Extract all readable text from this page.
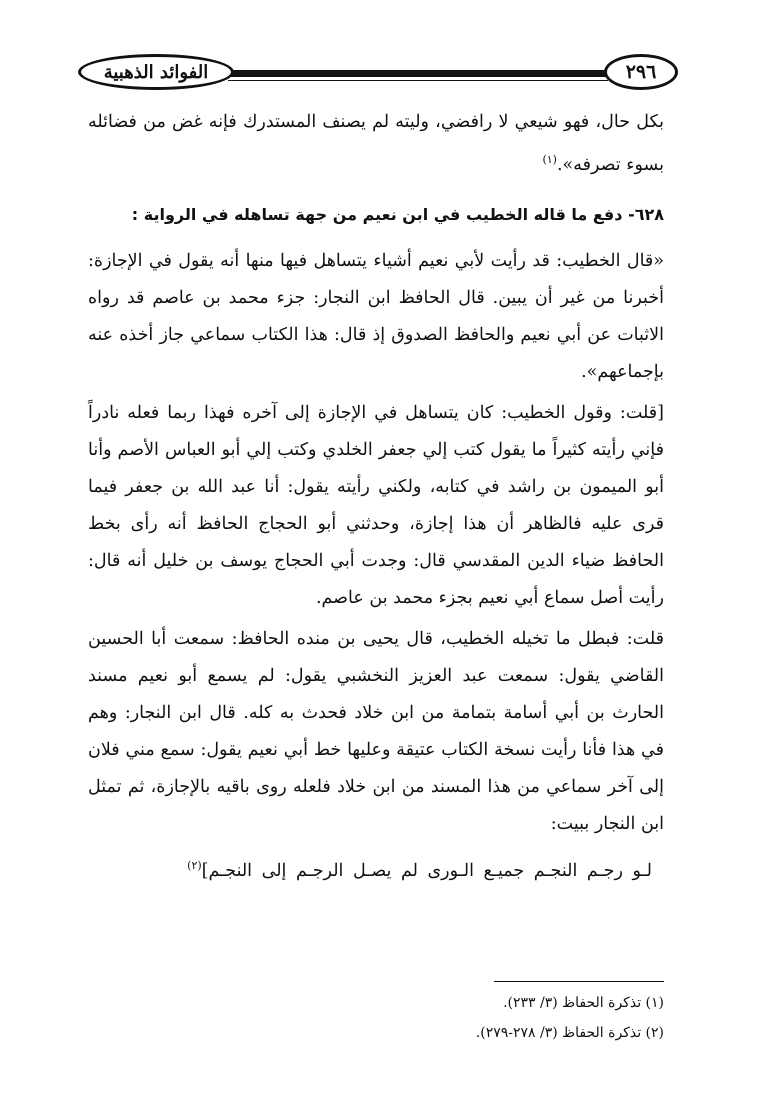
الفوائد الذهبية	٢٩٦

بكل حال، فهو شيعي لا رافضي، وليته لم يصنف المستدرك فإنه غض من فضائله بسوء تصرفه».$^{(١)}$

٦٢٨- دفع ما قاله الخطيب في ابن نعيم من جهة تساهله في الرواية :

«قال الخطيب: قد رأيت لأبي نعيم أشياء يتساهل فيها منها أنه يقول في الإجازة: أخبرنا من غير أن يبين. قال الحافظ ابن النجار: جزء محمد بن عاصم قد رواه الاثبات عن أبي نعيم والحافظ الصدوق إذ قال: هذا الكتاب سماعي جاز أخذه عنه بإجماعهم».

[قلت: وقول الخطيب: كان يتساهل في الإجازة إلى آخره فهذا ربما فعله نادراً فإني رأيته كثيراً ما يقول كتب إلي جعفر الخلدي وكتب إلي أبو العباس الأصم وأنا أبو الميمون بن راشد في كتابه، ولكني رأيته يقول: أنا عبد الله بن جعفر فيما قرى عليه فالظاهر أن هذا إجازة، وحدثني أبو الحجاج الحافظ أنه رأى بخط الحافظ ضياء الدين المقدسي قال: وجدت أبي الحجاج يوسف بن خليل أنه قال: رأيت أصل سماع أبي نعيم بجزء محمد بن عاصم.

قلت: فبطل ما تخيله الخطيب، قال يحيى بن منده الحافظ: سمعت أبا الحسين القاضي يقول: سمعت عبد العزيز النخشبي يقول: لم يسمع أبو نعيم مسند الحارث بن أبي أسامة بتمامة من ابن خلاد فحدث به كله. قال ابن النجار: وهم في هذا فأنا رأيت نسخة الكتاب عتيقة وعليها خط أبي نعيم يقول: سمع مني فلان إلى آخر سماعي من هذا المسند من ابن خلاد فلعله روى باقيه بالإجازة، ثم تمثل ابن النجار ببيت:

لـو رجـم النجـم جميـع الـورى لم يصـل الرجـم إلى النجـم]$^{(٢)}$

(١) تذكرة الحفاظ (٣/ ٢٣٣).
(٢) تذكرة الحفاظ (٣/ ٢٧٨-٢٧٩).
